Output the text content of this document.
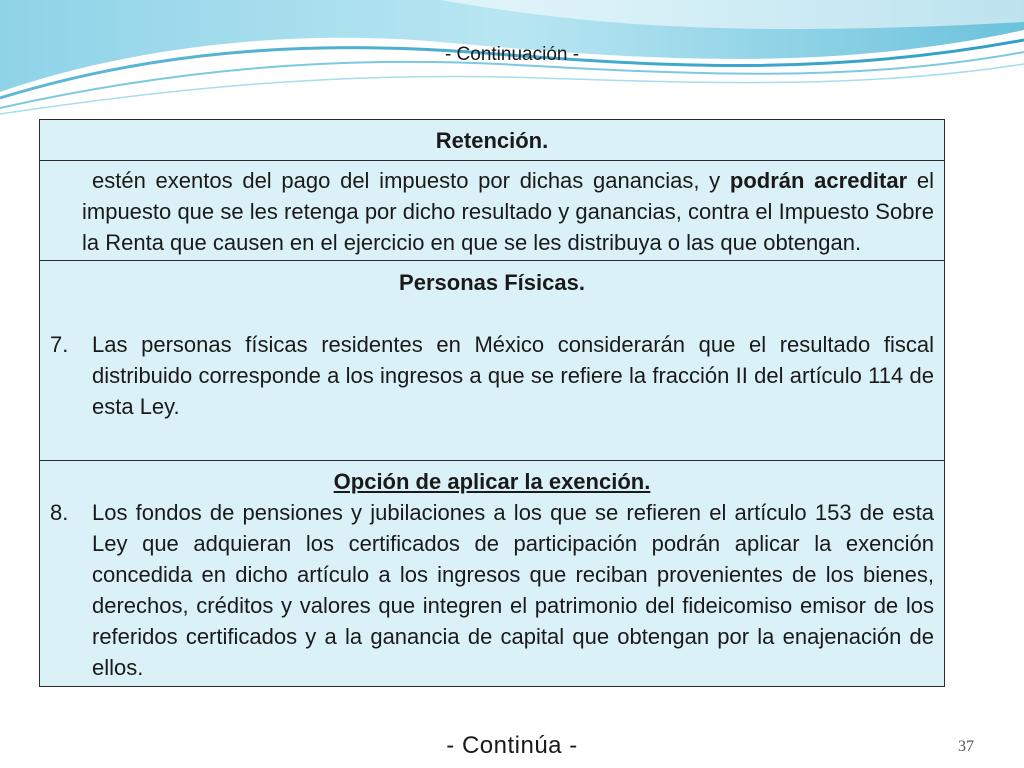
- Continuación -
Retención.

estén exentos del pago del impuesto por dichas ganancias, y podrán acreditar el impuesto que se les retenga por dicho resultado y ganancias, contra el Impuesto Sobre la Renta que causen en el ejercicio en que se les distribuya o las que obtengan.

Personas Físicas.
7.	Las personas físicas residentes en México considerarán que el resultado fiscal distribuido corresponde a los ingresos a que se refiere la fracción II del artículo 114 de esta Ley.

Opción de aplicar la exención.
8.	Los fondos de pensiones y jubilaciones a los que se refieren el artículo 153 de esta Ley que adquieran los certificados de participación podrán aplicar la exención concedida en dicho artículo a los ingresos que reciban provenientes de los bienes, derechos, créditos y valores que integren el patrimonio del fideicomiso emisor de los referidos certificados y a la ganancia de capital que obtengan por la enajenación de ellos.
- Continúa -	37
